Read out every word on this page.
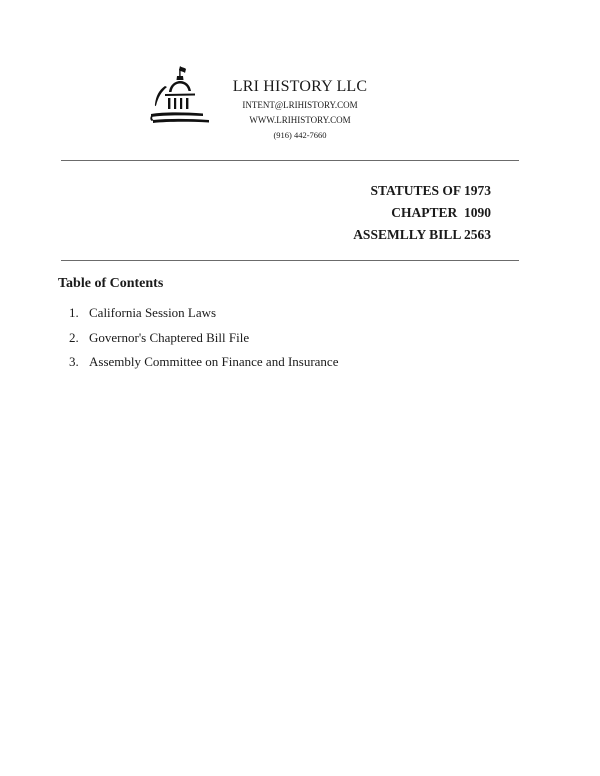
LRI HISTORY LLC
INTENT@LRIHISTORY.COM
WWW.LRIHISTORY.COM
(916) 442-7660
STATUTES OF 1973
CHAPTER  1090
ASSEMLLY BILL 2563
Table of Contents
1. California Session Laws
2. Governor's Chaptered Bill File
3. Assembly Committee on Finance and Insurance
